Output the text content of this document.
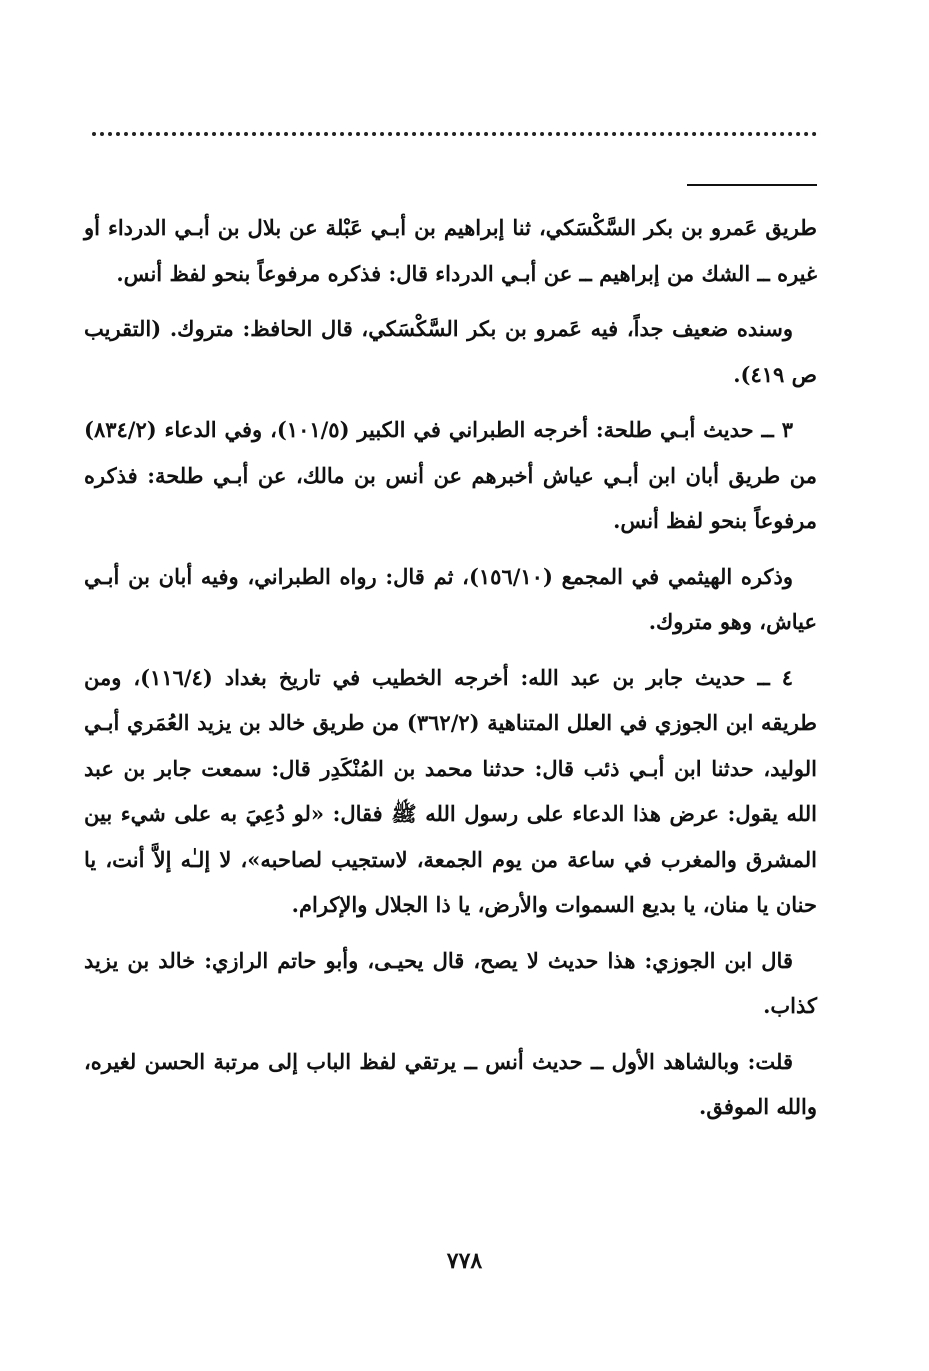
طريق عَمرو بن بكر السَّكْسَكي، ثنا إبراهيم بن أبـي عَبْلة عن بلال بن أبـي الدرداء أو غيره ــ الشك من إبراهيم ــ عن أبـي الدرداء قال: فذكره مرفوعاً بنحو لفظ أنس.

وسنده ضعيف جداً، فيه عَمرو بن بكر السَّكْسَكي، قال الحافظ: متروك. (التقريب ص ٤١٩).

٣ ــ حديث أبـي طلحة: أخرجه الطبراني في الكبير (١٠١/٥)، وفي الدعاء (٨٣٤/٢) من طريق أبان ابن أبـي عياش أخبرهم عن أنس بن مالك، عن أبـي طلحة: فذكره مرفوعاً بنحو لفظ أنس.

وذكره الهيثمي في المجمع (١٥٦/١٠)، ثم قال: رواه الطبراني، وفيه أبان بن أبـي عياش، وهو متروك.

٤ ــ حديث جابر بن عبد الله: أخرجه الخطيب في تاريخ بغداد (١١٦/٤)، ومن طريقه ابن الجوزي في العلل المتناهية (٣٦٢/٢) من طريق خالد بن يزيد العُمَري أبـي الوليد، حدثنا ابن أبـي ذئب قال: حدثنا محمد بن المُنْكَدِر قال: سمعت جابر بن عبد الله يقول: عرض هذا الدعاء على رسول الله ﷺ فقال: «لو دُعِيَ به على شيء بين المشرق والمغرب في ساعة من يوم الجمعة، لاستجيب لصاحبه»، لا إلـٰه إلاَّ أنت، يا حنان يا منان، يا بديع السموات والأرض، يا ذا الجلال والإكرام.

قال ابن الجوزي: هذا حديث لا يصح، قال يحيـى، وأبو حاتم الرازي: خالد بن يزيد كذاب.

قلت: وبالشاهد الأول ــ حديث أنس ــ يرتقي لفظ الباب إلى مرتبة الحسن لغيره، والله الموفق.

٧٧٨
